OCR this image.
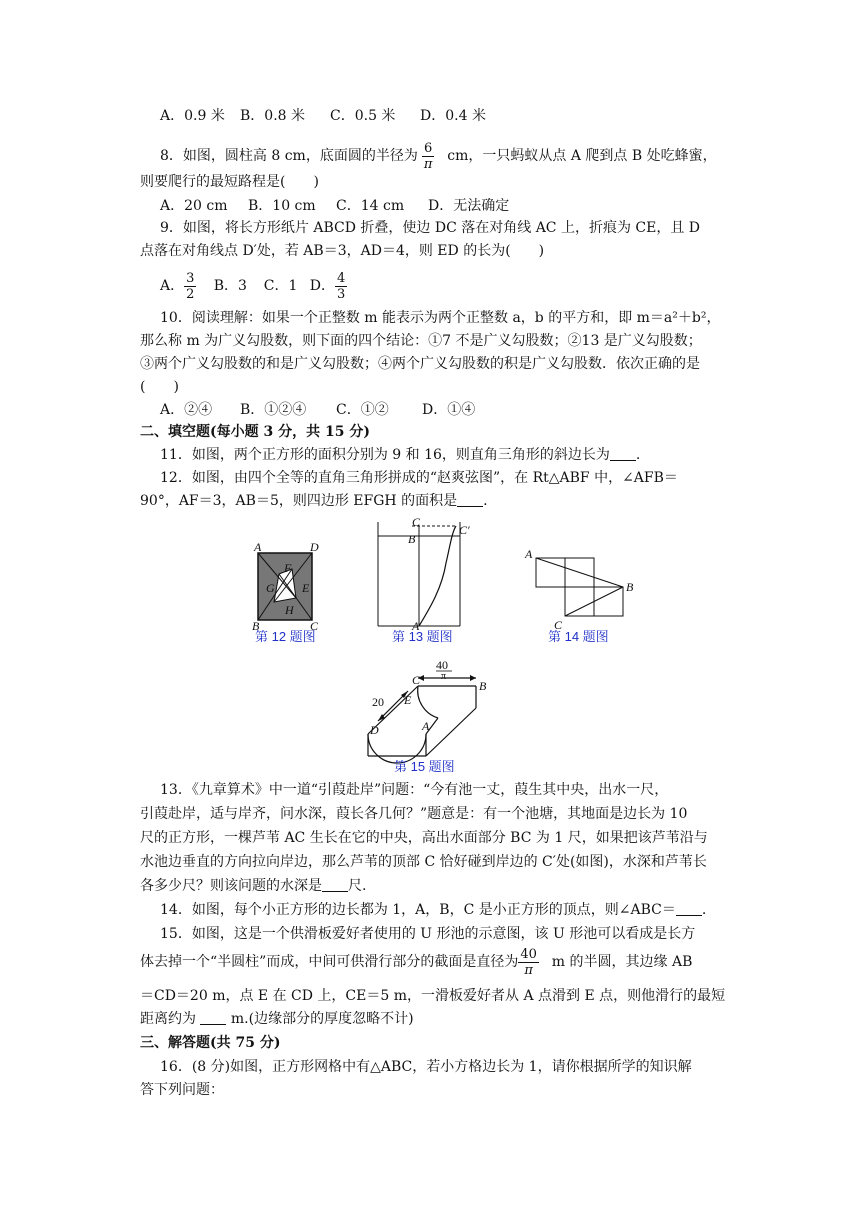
A．0.9 米 B．0.8 米 C．0.5 米 D．0.4 米
8．如图，圆柱高 8 cm，底面圆的半径为 $\frac{6}{\pi}$ cm，一只蚂蚁从点 A 爬到点 B 处吃蜂蜜，
则要爬行的最短路程是(　　)
A．20 cm B．10 cm C．14 cm D．无法确定
9．如图，将长方形纸片 ABCD 折叠，使边 DC 落在对角线 AC 上，折痕为 CE，且 D
点落在对角线点 D′处，若 AB＝3，AD＝4，则 ED 的长为(　　)
A． $\frac{3}{2}$ B．3 C．1 D． $\frac{4}{3}$
10．阅读理解：如果一个正整数 m 能表示为两个正整数 a，b 的平方和，即 m＝a²＋b²，
那么称 m 为广义勾股数，则下面的四个结论：①7 不是广义勾股数；②13 是广义勾股数；
③两个广义勾股数的和是广义勾股数；④两个广义勾股数的积是广义勾股数．依次正确的是
(　　)
A．②④ B．①②④ C．①② D．①④
二、填空题(每小题 3 分，共 15 分)
11．如图，两个正方形的面积分别为 9 和 16，则直角三角形的斜边长为 .
12．如图，由四个全等的直角三角形拼成的“赵爽弦图”，在 Rt△ABF 中，∠AFB＝
90°，AF＝3，AB＝5，则四边形 EFGH 的面积是 .
A	D
B	C
F
G E
H
第 12 题图
C
C′
B
A
第 13 题图
A
B
C
第 14 题图
40
π
C	B
E
A
D
20
第 15 题图
13．《九章算术》中一道“引葭赴岸”问题：“今有池一丈，葭生其中央，出水一尺，
引葭赴岸，适与岸齐，问水深，葭长各几何？”题意是：有一个池塘，其地面是边长为 10
尺的正方形，一棵芦苇 AC 生长在它的中央，高出水面部分 BC 为 1 尺，如果把该芦苇沿与
水池边垂直的方向拉向岸边，那么芦苇的顶部 C 恰好碰到岸边的 C′处(如图)，水深和芦苇长
各多少尺？则该问题的水深是 尺.
14．如图，每个小正方形的边长都为 1，A，B，C 是小正方形的顶点，则∠ABC＝ .
15．如图，这是一个供滑板爱好者使用的 U 形池的示意图，该 U 形池可以看成是长方
体去掉一个“半圆柱”而成，中间可供滑行部分的截面是直径为 $\frac{40}{\pi}$ m 的半圆，其边缘 AB
＝CD＝20 m，点 E 在 CD 上，CE＝5 m，一滑板爱好者从 A 点滑到 E 点，则他滑行的最短
距离约为 m.(边缘部分的厚度忽略不计)
三、解答题(共 75 分)
16．(8 分)如图，正方形网格中有△ABC，若小方格边长为 1，请你根据所学的知识解
答下列问题：
